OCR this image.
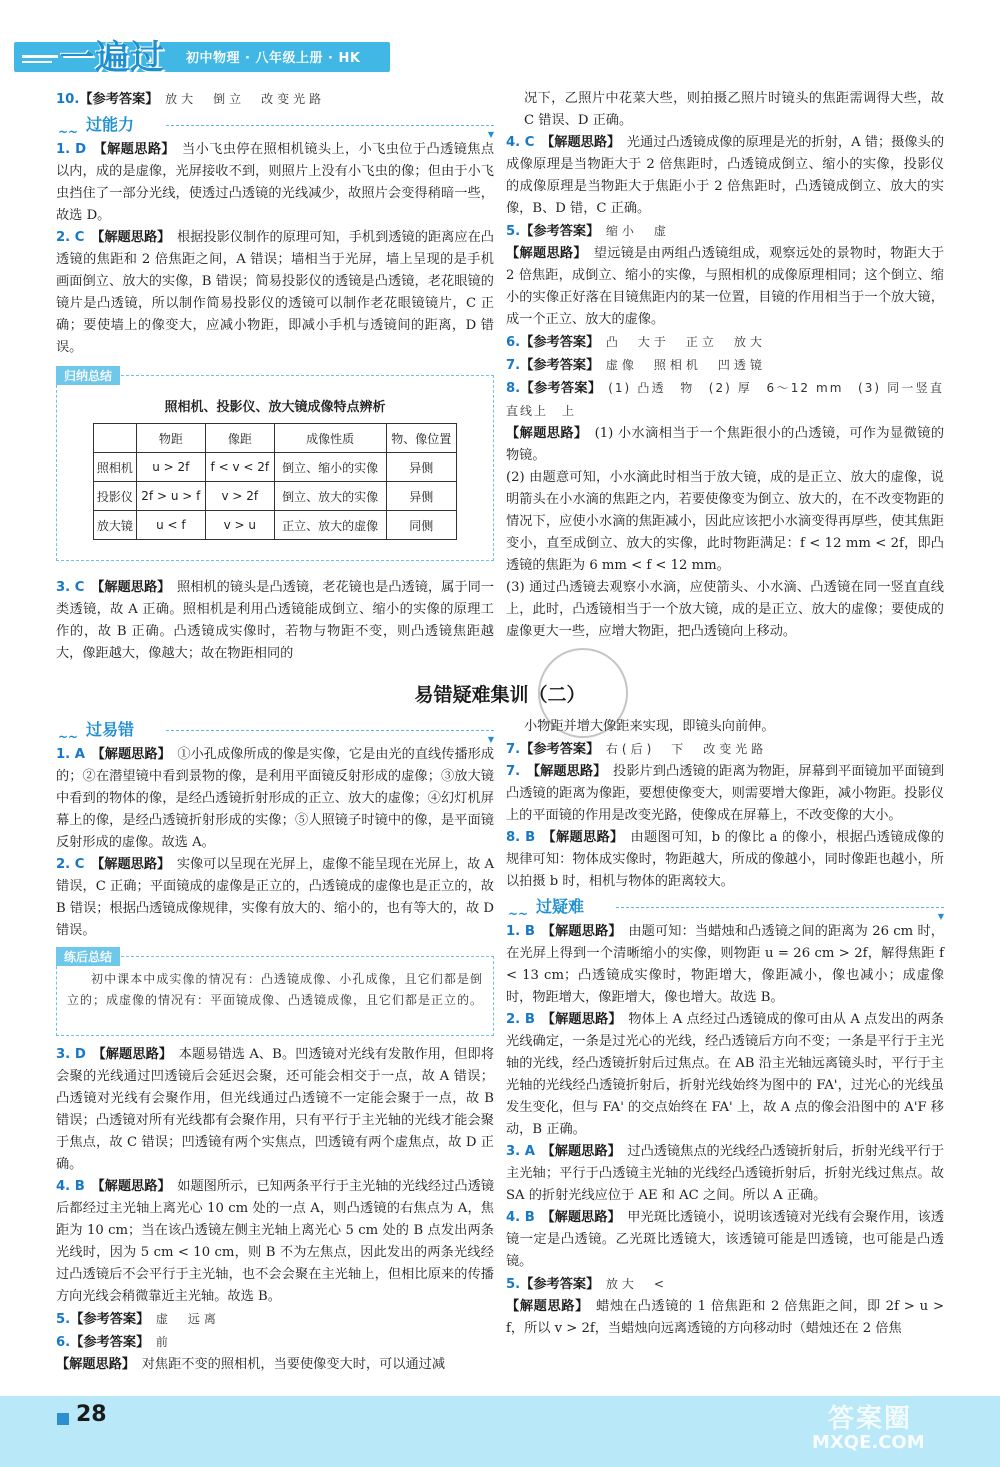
一遍过 初中物理 · 八年级上册 · HK
10.【参考答案】　 放大　倒立　改变光路
~~ 过能力
▼
1. D　 【解题思路】　 当小飞虫停在照相机镜头上，小飞虫位于凸透镜焦点以内，成的是虚像，光屏接收不到，则照片上没有小飞虫的像；但由于小飞虫挡住了一部分光线，使透过凸透镜的光线减少，故照片会变得稍暗一些，故选 D。
2. C　 【解题思路】　 根据投影仪制作的原理可知，手机到透镜的距离应在凸透镜的焦距和 2 倍焦距之间，A 错误；墙相当于光屏，墙上呈现的是手机画面倒立、放大的实像，B 错误；简易投影仪的透镜是凸透镜，老花眼镜的镜片是凸透镜，所以制作简易投影仪的透镜可以制作老花眼镜镜片，C 正确；要使墙上的像变大，应减小物距，即减小手机与透镜间的距离，D 错误。
归纳总结
照相机、投影仪、放大镜成像特点辨析
	物距	像距	成像性质	物、像位置
照相机	u > 2f	f < v < 2f	倒立、缩小的实像	异侧
投影仪	2f > u > f	v > 2f	倒立、放大的实像	异侧
放大镜	u < f	v > u	正立、放大的虚像	同侧
3. C　 【解题思路】　 照相机的镜头是凸透镜，老花镜也是凸透镜，属于同一类透镜，故 A 正确。照相机是利用凸透镜能成倒立、缩小的实像的原理工作的，故 B 正确。凸透镜成实像时，若物与物距不变，则凸透镜焦距越大，像距越大，像越大；故在物距相同的
况下，乙照片中花菜大些，则拍摄乙照片时镜头的焦距需调得大些，故 C 错误、D 正确。
4. C　 【解题思路】　 光通过凸透镜成像的原理是光的折射，A 错；摄像头的成像原理是当物距大于 2 倍焦距时，凸透镜成倒立、缩小的实像，投影仪的成像原理是当物距大于焦距小于 2 倍焦距时，凸透镜成倒立、放大的实像，B、D 错，C 正确。
5.【参考答案】　 缩小　虚
【解题思路】　 望远镜是由两组凸透镜组成，观察远处的景物时，物距大于 2 倍焦距，成倒立、缩小的实像，与照相机的成像原理相同；这个倒立、缩小的实像正好落在目镜焦距内的某一位置，目镜的作用相当于一个放大镜，成一个正立、放大的虚像。
6.【参考答案】　 凸　大于　正立　放大
7.【参考答案】　 虚像　照相机　凹透镜
8.【参考答案】　 (1) 凸透　物　(2) 厚　6～12 mm　(3) 同一竖直直线上　上
【解题思路】　 (1) 小水滴相当于一个焦距很小的凸透镜，可作为显微镜的物镜。
(2) 由题意可知，小水滴此时相当于放大镜，成的是正立、放大的虚像，说明箭头在小水滴的焦距之内，若要使像变为倒立、放大的，在不改变物距的情况下，应使小水滴的焦距减小，因此应该把小水滴变得再厚些，使其焦距变小，直至成倒立、放大的实像，此时物距满足：f < 12 mm < 2f，即凸透镜的焦距为 6 mm < f < 12 mm。
(3) 通过凸透镜去观察小水滴，应使箭头、小水滴、凸透镜在同一竖直直线上，此时，凸透镜相当于一个放大镜，成的是正立、放大的虚像；要使成的虚像更大一些，应增大物距，把凸透镜向上移动。
易错疑难集训（二）
~~ 过易错
▼
1. A　 【解题思路】　 ①小孔成像所成的像是实像，它是由光的直线传播形成的；②在潜望镜中看到景物的像，是利用平面镜反射形成的虚像；③放大镜中看到的物体的像，是经凸透镜折射形成的正立、放大的虚像；④幻灯机屏幕上的像，是经凸透镜折射形成的实像；⑤人照镜子时镜中的像，是平面镜反射形成的虚像。故选 A。
2. C　 【解题思路】　 实像可以呈现在光屏上，虚像不能呈现在光屏上，故 A 错误，C 正确；平面镜成的虚像是正立的，凸透镜成的虚像也是正立的，故 B 错误；根据凸透镜成像规律，实像有放大的、缩小的，也有等大的，故 D 错误。
练后总结
初中课本中成实像的情况有：凸透镜成像、小孔成像，且它们都是倒立的；成虚像的情况有：平面镜成像、凸透镜成像，且它们都是正立的。
3. D　 【解题思路】　 本题易错选 A、B。凹透镜对光线有发散作用，但即将会聚的光线通过凹透镜后会延迟会聚，还可能会相交于一点，故 A 错误；凸透镜对光线有会聚作用，但光线通过凸透镜不一定能会聚于一点，故 B 错误；凸透镜对所有光线都有会聚作用，只有平行于主光轴的光线才能会聚于焦点，故 C 错误；凹透镜有两个实焦点，凹透镜有两个虚焦点，故 D 正确。
4. B　 【解题思路】　 如题图所示，已知两条平行于主光轴的光线经过凸透镜后都经过主光轴上离光心 10 cm 处的一点 A，则凸透镜的右焦点为 A，焦距为 10 cm；当在该凸透镜左侧主光轴上离光心 5 cm 处的 B 点发出两条光线时，因为 5 cm < 10 cm，则 B 不为左焦点，因此发出的两条光线经过凸透镜后不会平行于主光轴，也不会会聚在主光轴上，但相比原来的传播方向光线会稍微靠近主光轴。故选 B。
5.【参考答案】　 虚　远离
6.【参考答案】　 前
【解题思路】　 对焦距不变的照相机，当要使像变大时，可以通过减
小物距并增大像距来实现，即镜头向前伸。
7.【参考答案】　 右(后)　下　改变光路
7.　 【解题思路】　 投影片到凸透镜的距离为物距，屏幕到平面镜加平面镜到凸透镜的距离为像距，要想使像变大，则需要增大像距，减小物距。投影仪上的平面镜的作用是改变光路，使像成在屏幕上，不改变像的大小。
8. B　 【解题思路】　 由题图可知，b 的像比 a 的像小，根据凸透镜成像的规律可知：物体成实像时，物距越大，所成的像越小，同时像距也越小，所以拍摄 b 时，相机与物体的距离较大。
~~ 过疑难
▼
1. B　 【解题思路】　 由题可知：当蜡烛和凸透镜之间的距离为 26 cm 时，在光屏上得到一个清晰缩小的实像，则物距 u = 26 cm > 2f，解得焦距 f < 13 cm；凸透镜成实像时，物距增大，像距减小，像也减小；成虚像时，物距增大，像距增大，像也增大。故选 B。
2. B　 【解题思路】　 物体上 A 点经过凸透镜成的像可由从 A 点发出的两条光线确定，一条是过光心的光线，经凸透镜后方向不变；一条是平行于主光轴的光线，经凸透镜折射后过焦点。在 AB 沿主光轴远离镜头时，平行于主光轴的光线经凸透镜折射后，折射光线始终为图中的 FA'，过光心的光线虽发生变化，但与 FA' 的交点始终在 FA' 上，故 A 点的像会沿图中的 A'F 移动，B 正确。
3. A　 【解题思路】　 过凸透镜焦点的光线经凸透镜折射后，折射光线平行于主光轴；平行于凸透镜主光轴的光线经凸透镜折射后，折射光线过焦点。故 SA 的折射光线应位于 AE 和 AC 之间。所以 A 正确。
4. B　 【解题思路】　 甲光斑比透镜小，说明该透镜对光线有会聚作用，该透镜一定是凸透镜。乙光斑比透镜大，该透镜可能是凹透镜，也可能是凸透镜。
5.【参考答案】　 放大　<
【解题思路】　 蜡烛在凸透镜的 1 倍焦距和 2 倍焦距之间，即 2f > u > f，所以 v > 2f，当蜡烛向远离透镜的方向移动时（蜡烛还在 2 倍焦
28	答案圈
MXQE.COM
